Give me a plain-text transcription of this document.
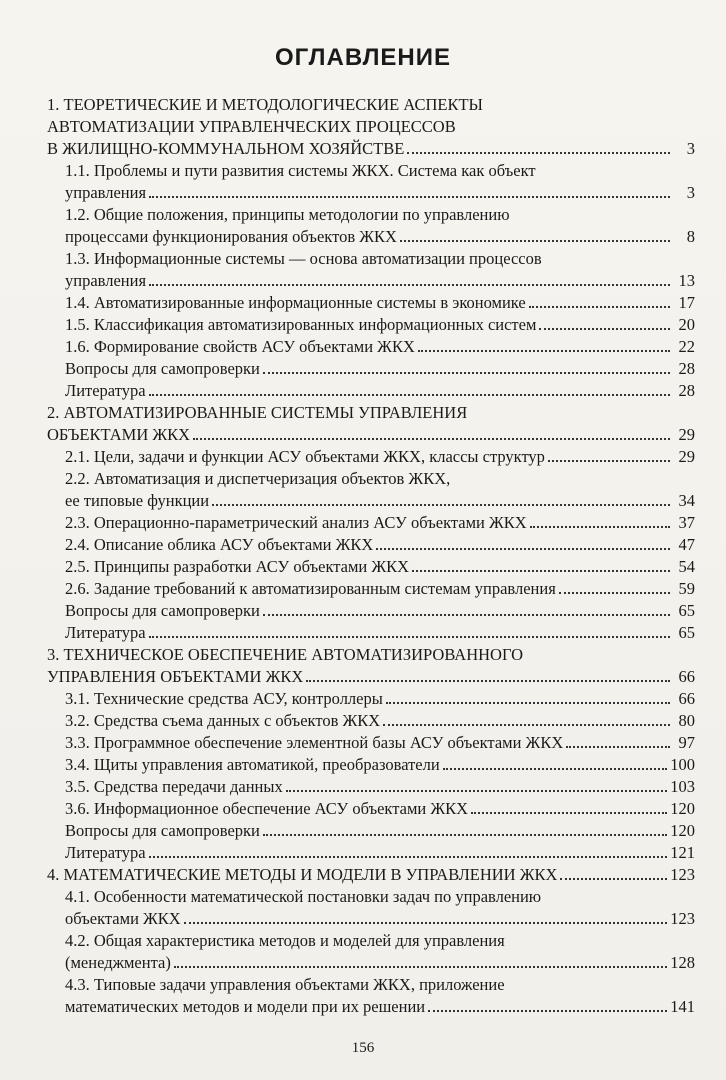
ОГЛАВЛЕНИЕ
1. ТЕОРЕТИЧЕСКИЕ И МЕТОДОЛОГИЧЕСКИЕ АСПЕКТЫ
АВТОМАТИЗАЦИИ УПРАВЛЕНЧЕСКИХ ПРОЦЕССОВ
В ЖИЛИЩНО-КОММУНАЛЬНОМ ХОЗЯЙСТВЕ	3
1.1. Проблемы и пути развития системы ЖКХ. Система как объект
управления	3
1.2. Общие положения, принципы методологии по управлению
процессами функционирования объектов ЖКХ	8
1.3. Информационные системы — основа автоматизации процессов
управления	13
1.4. Автоматизированные информационные системы в экономике	17
1.5. Классификация автоматизированных информационных систем	20
1.6. Формирование свойств АСУ объектами ЖКХ	22
Вопросы для самопроверки	28
Литература	28
2. АВТОМАТИЗИРОВАННЫЕ СИСТЕМЫ УПРАВЛЕНИЯ
ОБЪЕКТАМИ ЖКХ	29
2.1. Цели, задачи и функции АСУ объектами ЖКХ, классы структур	29
2.2. Автоматизация и диспетчеризация объектов ЖКХ,
ее типовые функции	34
2.3. Операционно-параметрический анализ АСУ объектами ЖКХ	37
2.4. Описание облика АСУ объектами ЖКХ	47
2.5. Принципы разработки АСУ объектами ЖКХ	54
2.6. Задание требований к автоматизированным системам управления	59
Вопросы для самопроверки	65
Литература	65
3. ТЕХНИЧЕСКОЕ ОБЕСПЕЧЕНИЕ АВТОМАТИЗИРОВАННОГО
УПРАВЛЕНИЯ ОБЪЕКТАМИ ЖКХ	66
3.1. Технические средства АСУ, контроллеры	66
3.2. Средства съема данных с объектов ЖКХ	80
3.3. Программное обеспечение элементной базы АСУ объектами ЖКХ	97
3.4. Щиты управления автоматикой, преобразователи	100
3.5. Средства передачи данных	103
3.6. Информационное обеспечение АСУ объектами ЖКХ	120
Вопросы для самопроверки	120
Литература	121
4. МАТЕМАТИЧЕСКИЕ МЕТОДЫ И МОДЕЛИ В УПРАВЛЕНИИ ЖКХ	123
4.1. Особенности математической постановки задач по управлению
объектами ЖКХ	123
4.2. Общая характеристика методов и моделей для управления
(менеджмента)	128
4.3. Типовые задачи управления объектами ЖКХ, приложение
математических методов и модели при их решении	141
156
